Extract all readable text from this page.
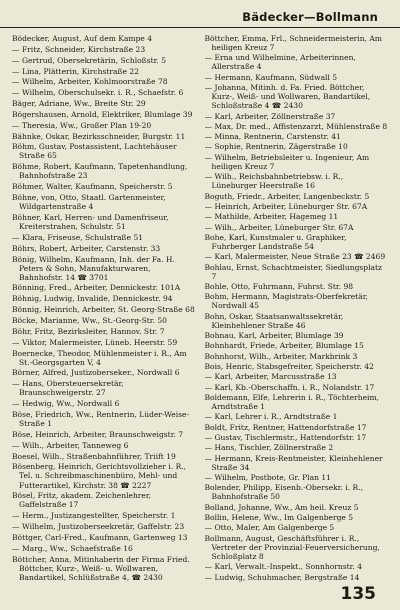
Bädecker—Bollmann
Bödecker, August, Auf dem Kampe 4
— Fritz, Schneider, Kirchstraße 23
— Gertrud, Obersekretärin, Schloßstr. 5
— Lina, Plätterin, Kirchstraße 22
— Wilhelm, Arbeiter, Kohlmoorstraße 78
— Wilhelm, Oberschulsekr. i. R., Schaefstr. 6
Bäger, Adriane, Ww., Breite Str. 29
Bögershausen, Arnold, Elektriker, Blumlage 39
— Theresia, Ww., Großer Plan 19-20
Bähnke, Oskar, Bezirksschneider, Burgstr. 11
Böhm, Gustav, Postassistent, Lachtehäuser Straße 65
Böhme, Robert, Kaufmann, Tapetenhandlung, Bahnhofstraße 23
Böhmer, Walter, Kaufmann, Speicherstr. 5
Böhne, von, Otto, Staatl. Gartenmeister, Wildgartenstraße 4
Böhner, Karl, Herren- und Damenfriseur, Kreiterstrahen, Schulstr. 51
— Klara, Friseuse, Schulstraße 51
Böhrs, Robert, Arbeiter, Carstenstr. 33
Bönig, Wilhelm, Kaufmann, Inh. der Fa. H. Peters & Sohn, Manufakturwaren, Bahnhofstr. 14 ☎ 3701
Bönning, Fred., Arbeiter, Dennickestr. 101A
Böhnig, Ludwig, Invalide, Dennickestr. 94
Bönnig, Heinrich, Arbeiter, St. Georg-Straße 68
Böcke, Marianne, Ww., St.-Georg-Str. 50
Böhr, Fritz, Bezirksleiter, Hannov. Str. 7
— Viktor, Malermeister, Lüneb. Heerstr. 59
Boernecke, Theodor, Mühlenmeister i. R., Am St.-Georgsgarten V, 4
Börner, Alfred, Justizoberseker., Nordwall 6
— Hans, Obersteuersekretär, Braunschweigerstr. 27
— Hedwig, Ww., Nordwall 6
Böse, Friedrich, Ww., Rentnerin, Lüder-Weise-Straße 1
Böse, Heinrich, Arbeiter, Braunschweigstr. 7
— Wilh., Arbeiter, Tanneweg 6
Boesel, Wilh., Straßenbahnführer, Triift 19
Bösenberg, Heinrich, Gerichtsvollzieher i. R., Tel. u. Schreibmaschinenbüro, Mehl- und Futterartikel, Kirchstr. 38 ☎ 2227
Bösel, Fritz, akadem. Zeichenlehrer, Gaffelstraße 17
— Herm., Justizangestellter, Speicherstr. 1
— Wilhelm, Justizoberseekretär, Gaffelstr. 23
Böttger, Carl-Fred., Kaufmann, Gartenweg 13
— Marg., Ww., Schaefstraße 16
Böttcher, Anna, Mitinhaberin der Firma Fried. Böttcher, Kurz-, Weiß- u. Wollwaren, Bandartikel, Schlüßstraße 4, ☎ 2430
Böttcher, Emma, Frl., Schneidermeisterin, Am heiligen Kreuz 7
— Erna und Wilhelmine, Arbeiterinnen, Allerstraße 4
— Hermann, Kaufmann, Südwall 5
— Johanna, Mitinh. d. Fa. Fried. Böttcher, Kurz-, Weiß- und Wollwaren, Bandartikel, Schloßstraße 4 ☎ 2430
— Karl, Arbeiter, Zöllnerstraße 37
— Max, Dr. med., Affistenzarzt, Mühlenstraße 8
— Minna, Rentnerin, Carstenstr. 41
— Sophie, Rentnerin, Zägerstraße 10
— Wilhelm, Betriebsleiter u. Ingenieur, Am heiligen Kreuz 7
— Wilh., Reichsbahnbetriebsw. i. R., Lüneburger Heerstraße 16
Boguth, Friedr., Arbeiter, Langenbeckstr. 5
— Heinrich, Arbeiter, Lüneburger Str. 67A
— Mathilde, Arbeiter, Hagemeg 11
— Wilh., Arbeiter, Lüneburger Str. 67A
Bohe, Karl, Kunstmaler u. Graphiker, Fuhrberger Landstraße 54
— Karl, Malermeister, Neue Straße 23 ☎ 2469
Bohlau, Ernst, Schachtmeister, Siedlungsplatz 7
Bohle, Otto, Fuhrmann, Fuhrst. Str. 98
Bohm, Hermann, Magistrats-Oberfekretär, Nordwall 45
Bohn, Oskar, Staatsanwaltssekretär, Kleinhehlener Straße 46
Bohnau, Karl, Arbeiter, Blumlage 39
Bohnhardt, Friede, Arbeiter, Blumlage 15
Bohnhorst, Wilh., Arbeiter, Markbrink 3
Bois, Henric, Stabsgefreiter, Speicherstr. 42
— Karl, Arbeiter, Marcusstraße 13
— Karl, Kb.-Oberschaffn. i. R., Nolandstr. 17
Boldemann, Elfe, Lehrerin i. R., Töchterheim, Arndtstraße 1
— Karl, Lehrer i. R., Arndtstraße 1
Boldt, Fritz, Rentner, Hattendorfstraße 17
— Gustav, Tischlermstr., Hattendorfstr. 17
— Hans, Tischler, Zöllnerstraße 2
— Hermann, Kreis-Rentmeister, Kleinhehlener Straße 34
— Wilhelm, Postbote, Gr. Plan 11
Bolender, Philipp, Eisenb.-Obersekr. i. R., Bahnhofstraße 50
Bolland, Johanne, Ww., Am heil. Kreuz 5
Bollin, Helene, Ww., Im Galgenberge 5
— Otto, Maler, Am Galgenberge 5
Bollmann, August, Geschäftsführer i. R., Vertreter der Provinzial-Feuerversicherung, Schloßplatz 8
— Karl, Verwalt.-Inspekt., Sonnhornstr. 4
— Ludwig, Schuhmacher, Bergstraße 14
135
